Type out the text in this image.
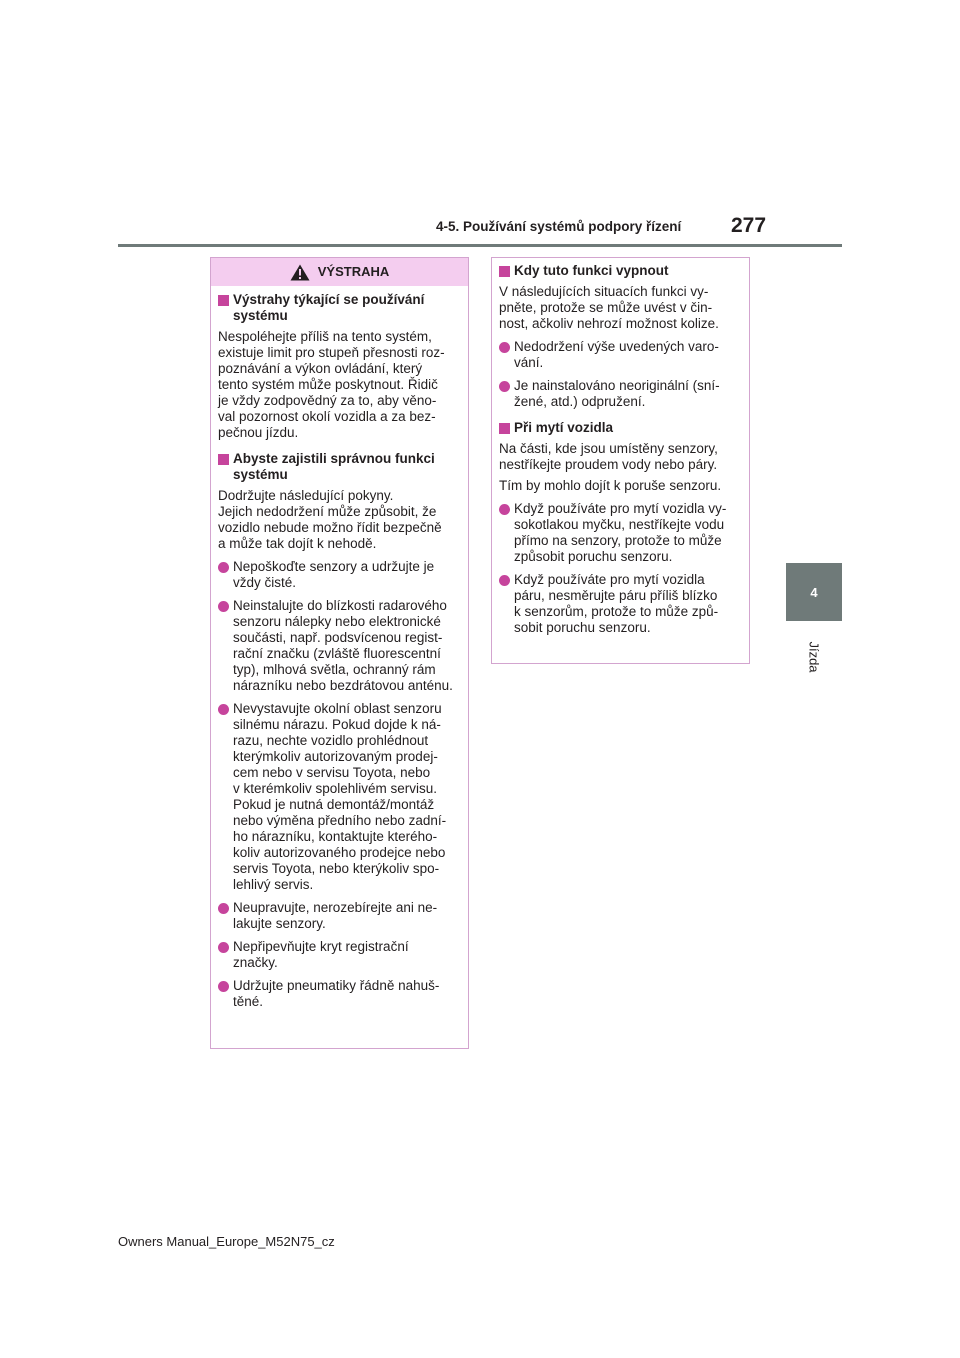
4-5. Používání systémů podpory řízení 277
4
Jízda
VÝSTRAHA
Výstrahy týkající se používání
systému

Nespoléhejte příliš na tento systém,
existuje limit pro stupeň přesnosti roz-
poznávání a výkon ovládání, který
tento systém může poskytnout. Řidič
je vždy zodpovědný za to, aby věno-
val pozornost okolí vozidla a za bez-
pečnou jízdu.

Abyste zajistili správnou funkci
systému

Dodržujte následující pokyny.
Jejich nedodržení může způsobit, že
vozidlo nebude možno řídit bezpečně
a může tak dojít k nehodě.

Nepoškoďte senzory a udržujte je
vždy čisté.
Neinstalujte do blízkosti radarového
senzoru nálepky nebo elektronické
součásti, např. podsvícenou regist-
rační značku (zvláště fluorescentní
typ), mlhová světla, ochranný rám
nárazníku nebo bezdrátovou anténu.
Nevystavujte okolní oblast senzoru
silnému nárazu. Pokud dojde k ná-
razu, nechte vozidlo prohlédnout
kterýmkoliv autorizovaným prodej-
cem nebo v servisu Toyota, nebo
v kterémkoliv spolehlivém servisu.
Pokud je nutná demontáž/montáž
nebo výměna předního nebo zadní-
ho nárazníku, kontaktujte kterého-
koliv autorizovaného prodejce nebo
servis Toyota, nebo kterýkoliv spo-
lehlivý servis.
Neupravujte, nerozebírejte ani ne-
lakujte senzory.
Nepřipevňujte kryt registrační
značky.
Udržujte pneumatiky řádně nahuš-
těné.
Kdy tuto funkci vypnout

V následujících situacích funkci vy-
pněte, protože se může uvést v čin-
nost, ačkoliv nehrozí možnost kolize.

Nedodržení výše uvedených varo-
vání.
Je nainstalováno neoriginální (sní-
žené, atd.) odpružení.
Při mytí vozidla

Na části, kde jsou umístěny senzory,
nestříkejte proudem vody nebo páry.

Tím by mohlo dojít k poruše senzoru.

Když používáte pro mytí vozidla vy-
sokotlakou myčku, nestříkejte vodu
přímo na senzory, protože to může
způsobit poruchu senzoru.
Když používáte pro mytí vozidla
páru, nesměrujte páru příliš blízko
k senzorům, protože to může způ-
sobit poruchu senzoru.
Owners Manual_Europe_M52N75_cz
